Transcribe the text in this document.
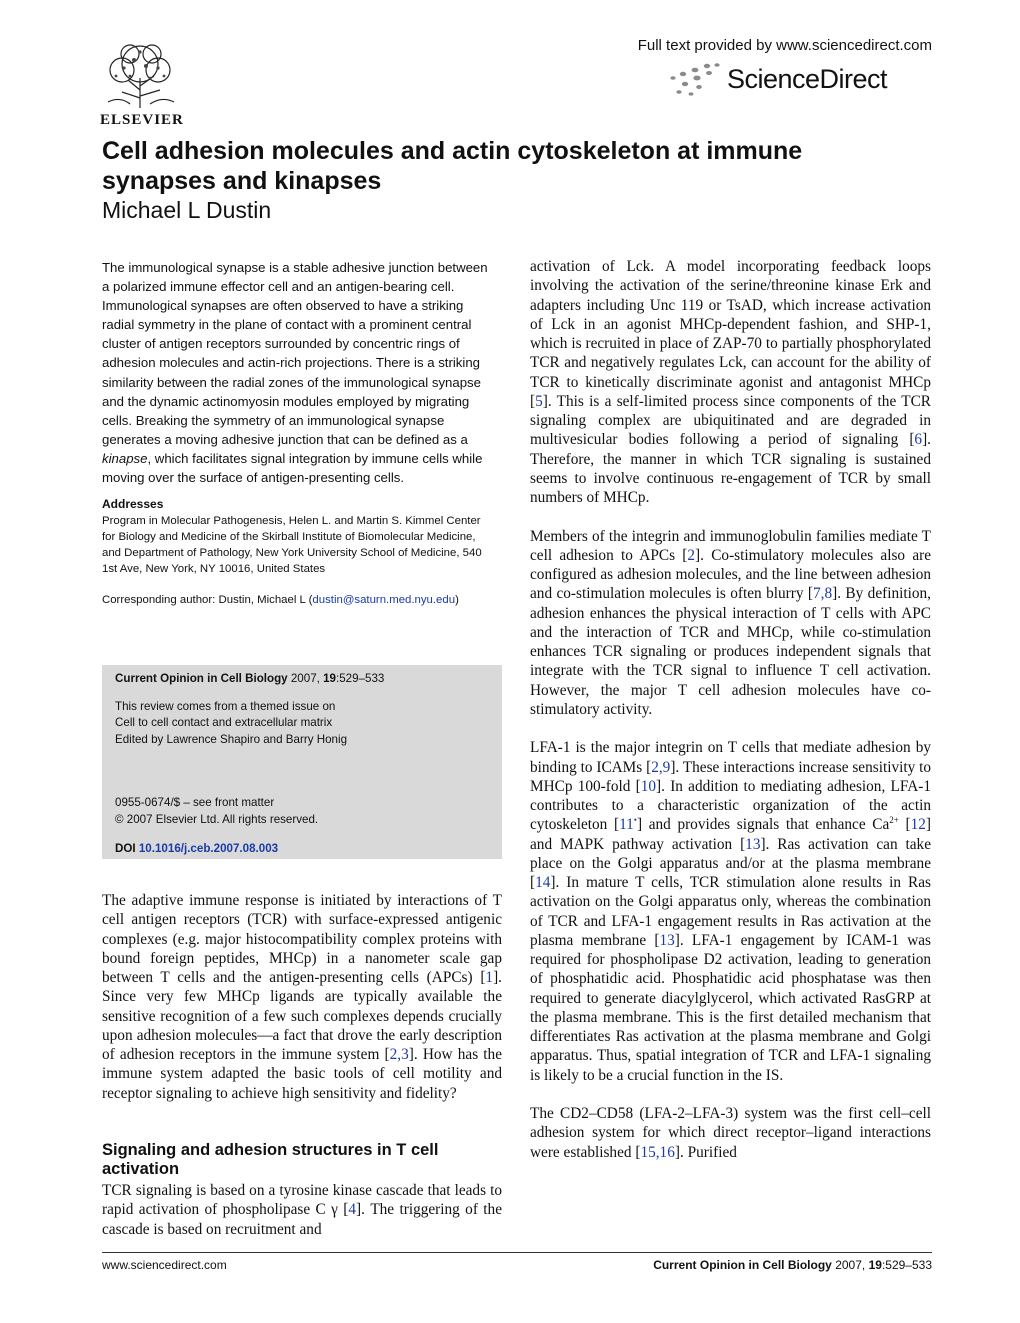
ELSEVIER
Full text provided by www.sciencedirect.com
ScienceDirect
Cell adhesion molecules and actin cytoskeleton at immune synapses and kinapses
Michael L Dustin

The immunological synapse is a stable adhesive junction between a polarized immune effector cell and an antigen-bearing cell. Immunological synapses are often observed to have a striking radial symmetry in the plane of contact with a prominent central cluster of antigen receptors surrounded by concentric rings of adhesion molecules and actin-rich projections. There is a striking similarity between the radial zones of the immunological synapse and the dynamic actinomyosin modules employed by migrating cells. Breaking the symmetry of an immunological synapse generates a moving adhesive junction that can be defined as a kinapse, which facilitates signal integration by immune cells while moving over the surface of antigen-presenting cells.

Addresses

Program in Molecular Pathogenesis, Helen L. and Martin S. Kimmel Center for Biology and Medicine of the Skirball Institute of Biomolecular Medicine, and Department of Pathology, New York University School of Medicine, 540 1st Ave, New York, NY 10016, United States

Corresponding author: Dustin, Michael L (dustin@saturn.med.nyu.edu)

Current Opinion in Cell Biology 2007, 19:529–533

This review comes from a themed issue on

Cell to cell contact and extracellular matrix

Edited by Lawrence Shapiro and Barry Honig

0955-0674/$ – see front matter

© 2007 Elsevier Ltd. All rights reserved.

DOI 10.1016/j.ceb.2007.08.003

The adaptive immune response is initiated by interactions of T cell antigen receptors (TCR) with surface-expressed antigenic complexes (e.g. major histocompatibility complex proteins with bound foreign peptides, MHCp) in a nanometer scale gap between T cells and the antigen-presenting cells (APCs) [1]. Since very few MHCp ligands are typically available the sensitive recognition of a few such complexes depends crucially upon adhesion molecules—a fact that drove the early description of adhesion receptors in the immune system [2,3]. How has the immune system adapted the basic tools of cell motility and receptor signaling to achieve high sensitivity and fidelity?

Signaling and adhesion structures in T cell activation

TCR signaling is based on a tyrosine kinase cascade that leads to rapid activation of phospholipase C γ [4]. The triggering of the cascade is based on recruitment and

activation of Lck. A model incorporating feedback loops involving the activation of the serine/threonine kinase Erk and adapters including Unc 119 or TsAD, which increase activation of Lck in an agonist MHCp-dependent fashion, and SHP-1, which is recruited in place of ZAP-70 to partially phosphorylated TCR and negatively regulates Lck, can account for the ability of TCR to kinetically discriminate agonist and antagonist MHCp [5]. This is a self-limited process since components of the TCR signaling complex are ubiquitinated and are degraded in multivesicular bodies following a period of signaling [6]. Therefore, the manner in which TCR signaling is sustained seems to involve continuous re-engagement of TCR by small numbers of MHCp.

Members of the integrin and immunoglobulin families mediate T cell adhesion to APCs [2]. Co-stimulatory molecules also are configured as adhesion molecules, and the line between adhesion and co-stimulation molecules is often blurry [7,8]. By definition, adhesion enhances the physical interaction of T cells with APC and the interaction of TCR and MHCp, while co-stimulation enhances TCR signaling or produces independent signals that integrate with the TCR signal to influence T cell activation. However, the major T cell adhesion molecules have co-stimulatory activity.

LFA-1 is the major integrin on T cells that mediate adhesion by binding to ICAMs [2,9]. These interactions increase sensitivity to MHCp 100-fold [10]. In addition to mediating adhesion, LFA-1 contributes to a characteristic organization of the actin cytoskeleton [11•] and provides signals that enhance $Ca^{2+}$ [12] and MAPK pathway activation [13]. Ras activation can take place on the Golgi apparatus and/or at the plasma membrane [14]. In mature T cells, TCR stimulation alone results in Ras activation on the Golgi apparatus only, whereas the combination of TCR and LFA-1 engagement results in Ras activation at the plasma membrane [13]. LFA-1 engagement by ICAM-1 was required for phospholipase D2 activation, leading to generation of phosphatidic acid. Phosphatidic acid phosphatase was then required to generate diacylglycerol, which activated RasGRP at the plasma membrane. This is the first detailed mechanism that differentiates Ras activation at the plasma membrane and Golgi apparatus. Thus, spatial integration of TCR and LFA-1 signaling is likely to be a crucial function in the IS.

The CD2–CD58 (LFA-2–LFA-3) system was the first cell–cell adhesion system for which direct receptor–ligand interactions were established [15,16]. Purified

www.sciencedirect.com	Current Opinion in Cell Biology 2007, 19:529–533
